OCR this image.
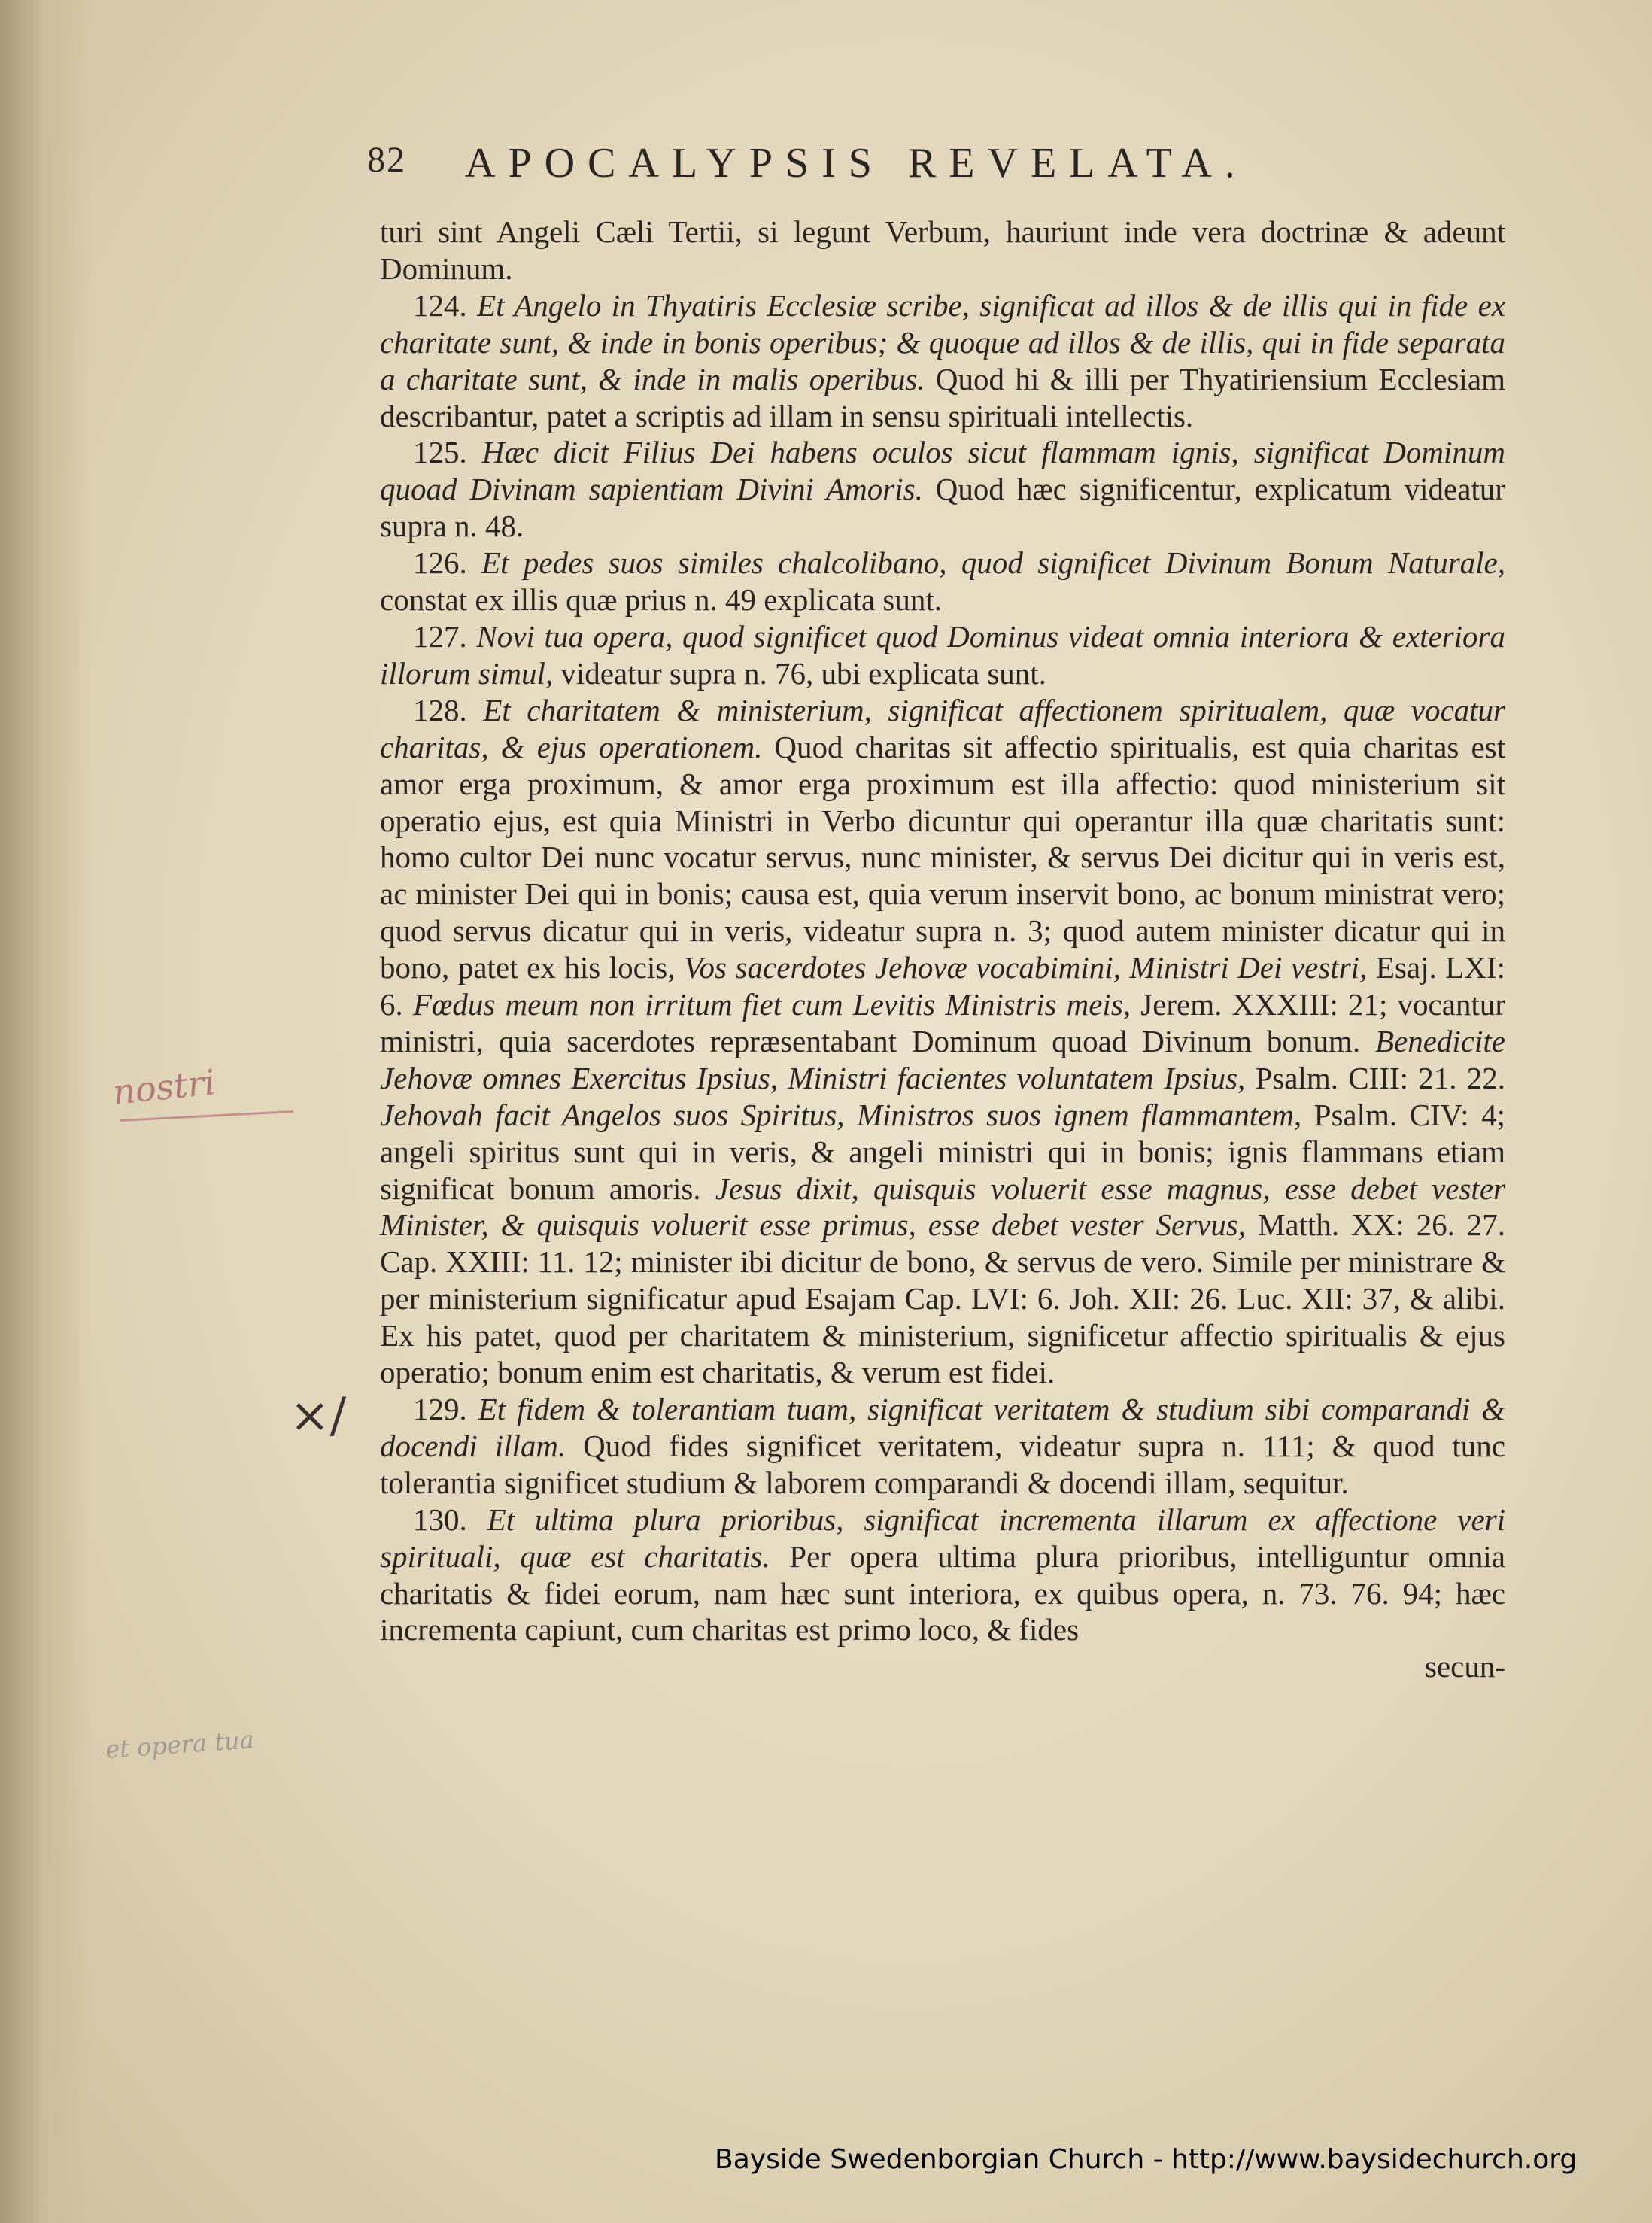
82 APOCALYPSIS REVELATA.

turi sint Angeli Cæli Tertii, si legunt Verbum, hauriunt inde vera doctrinæ & adeunt Dominum.

124. Et Angelo in Thyatiris Ecclesiæ scribe, significat ad illos & de illis qui in fide ex charitate sunt, & inde in bonis operibus; & quoque ad illos & de illis, qui in fide separata a charitate sunt, & inde in malis operibus. Quod hi & illi per Thyatiriensium Ecclesiam describantur, patet a scriptis ad illam in sensu spirituali intellectis.

125. Hæc dicit Filius Dei habens oculos sicut flammam ignis, significat Dominum quoad Divinam sapientiam Divini Amoris. Quod hæc significentur, explicatum videatur supra n. 48.

126. Et pedes suos similes chalcolibano, quod significet Divinum Bonum Naturale, constat ex illis quæ prius n. 49 explicata sunt.

127. Novi tua opera, quod significet quod Dominus videat omnia interiora & exteriora illorum simul, videatur supra n. 76, ubi explicata sunt.

128. Et charitatem & ministerium, significat affectionem spiritualem, quæ vocatur charitas, & ejus operationem. Quod charitas sit affectio spiritualis, est quia charitas est amor erga proximum, & amor erga proximum est illa affectio: quod ministerium sit operatio ejus, est quia Ministri in Verbo dicuntur qui operantur illa quæ charitatis sunt: homo cultor Dei nunc vocatur servus, nunc minister, & servus Dei dicitur qui in veris est, ac minister Dei qui in bonis; causa est, quia verum inservit bono, ac bonum ministrat vero; quod servus dicatur qui in veris, videatur supra n. 3; quod autem minister dicatur qui in bono, patet ex his locis, Vos sacerdotes Jehovæ vocabimini, Ministri Dei vestri, Esaj. LXI: 6. Fœdus meum non irritum fiet cum Levitis Ministris meis, Jerem. XXXIII: 21; vocantur ministri, quia sacerdotes repræsentabant Dominum quoad Divinum bonum. Benedicite Jehovæ omnes Exercitus Ipsius, Ministri facientes voluntatem Ipsius, Psalm. CIII: 21. 22. Jehovah facit Angelos suos Spiritus, Ministros suos ignem flammantem, Psalm. CIV: 4; angeli spiritus sunt qui in veris, & angeli ministri qui in bonis; ignis flammans etiam significat bonum amoris. Jesus dixit, quisquis voluerit esse magnus, esse debet vester Minister, & quisquis voluerit esse primus, esse debet vester Servus, Matth. XX: 26. 27. Cap. XXIII: 11. 12; minister ibi dicitur de bono, & servus de vero. Simile per ministrare & per ministerium significatur apud Esajam Cap. LVI: 6. Joh. XII: 26. Luc. XII: 37, & alibi. Ex his patet, quod per charitatem & ministerium, significetur affectio spiritualis & ejus operatio; bonum enim est charitatis, & verum est fidei.

129. Et fidem & tolerantiam tuam, significat veritatem & studium sibi comparandi & docendi illam. Quod fides significet veritatem, videatur supra n. 111; & quod tunc tolerantia significet studium & laborem comparandi & docendi illam, sequitur.

130. Et ultima plura prioribus, significat incrementa illarum ex affectione veri spirituali, quæ est charitatis. Per opera ultima plura prioribus, intelliguntur omnia charitatis & fidei eorum, nam hæc sunt interiora, ex quibus opera, n. 73. 76. 94; hæc incrementa capiunt, cum charitas est primo loco, & fides

secun-

nostri
×/
et opera tua
Bayside Swedenborgian Church - http://www.baysidechurch.org
